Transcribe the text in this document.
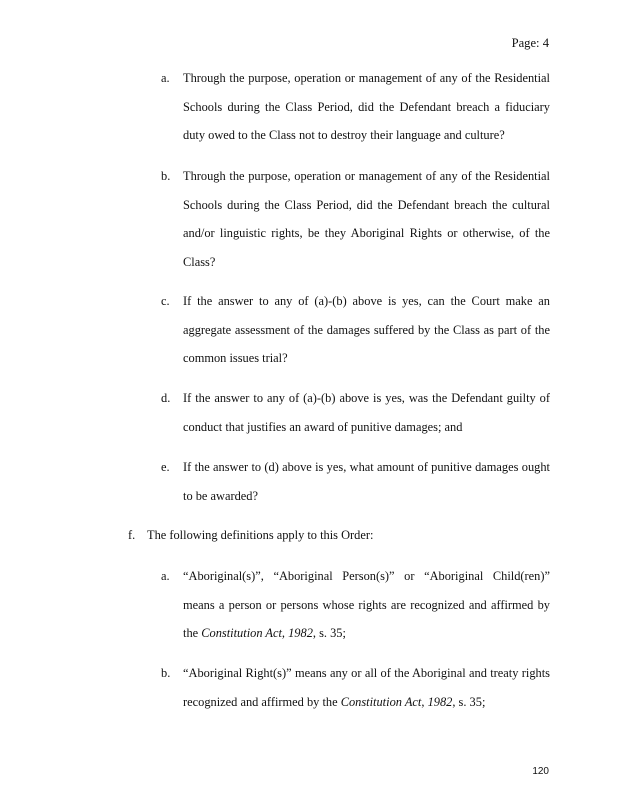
Page: 4
a. Through the purpose, operation or management of any of the Residential Schools during the Class Period, did the Defendant breach a fiduciary duty owed to the Class not to destroy their language and culture?
b. Through the purpose, operation or management of any of the Residential Schools during the Class Period, did the Defendant breach the cultural and/or linguistic rights, be they Aboriginal Rights or otherwise, of the Class?
c. If the answer to any of (a)-(b) above is yes, can the Court make an aggregate assessment of the damages suffered by the Class as part of the common issues trial?
d. If the answer to any of (a)-(b) above is yes, was the Defendant guilty of conduct that justifies an award of punitive damages; and
e. If the answer to (d) above is yes, what amount of punitive damages ought to be awarded?
f. The following definitions apply to this Order:
a. “Aboriginal(s)”, “Aboriginal Person(s)” or “Aboriginal Child(ren)” means a person or persons whose rights are recognized and affirmed by the Constitution Act, 1982, s. 35;
b. “Aboriginal Right(s)” means any or all of the Aboriginal and treaty rights recognized and affirmed by the Constitution Act, 1982, s. 35;
120
